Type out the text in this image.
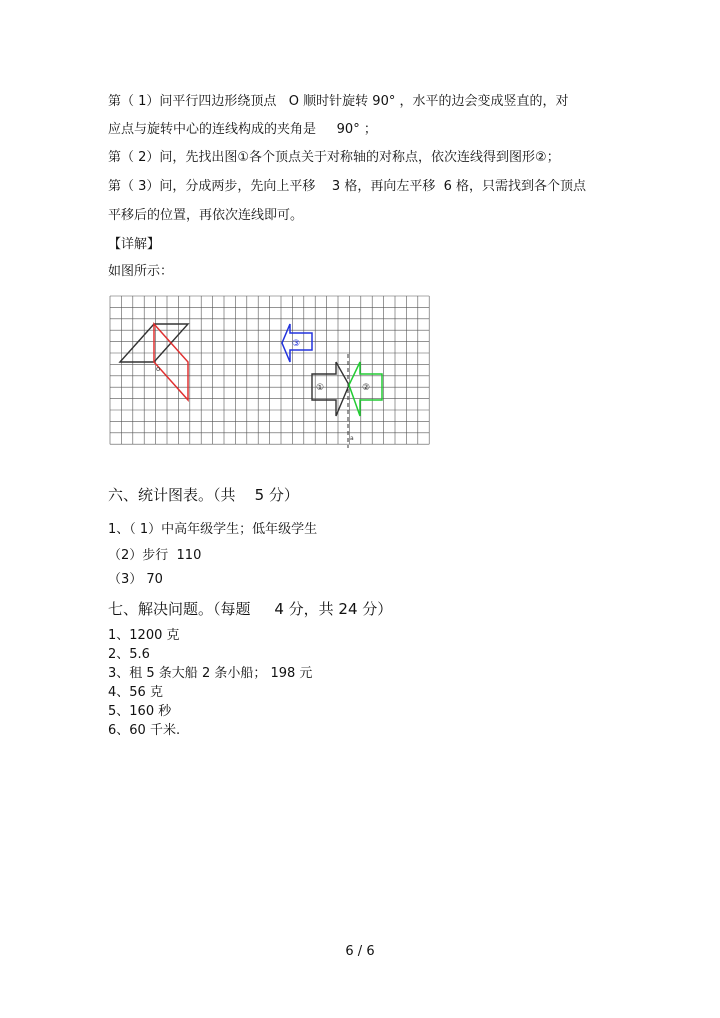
第（ 1）问平行四边形绕顶点   O 顺时针旋转 90° ，水平的边会变成竖直的，对
应点与旋转中心的连线构成的夹角是     90° ；
第（ 2）问，先找出图①各个顶点关于对称轴的对称点，依次连线得到图形②；
第（ 3）问，分成两步，先向上平移    3 格，再向左平移  6 格，只需找到各个顶点
平移后的位置，再依次连线即可。
【详解】
如图所示：
o
③
①	②
a
六、统计图表。（共    5 分）
1、（ 1）中高年级学生；低年级学生
（2）步行  110
（3） 70
七、解决问题。（每题     4 分，共 24 分）
1、1200 克
2、5.6
3、租 5 条大船 2 条小船； 198 元
4、56 克
5、160 秒
6、60 千米.
6 / 6
